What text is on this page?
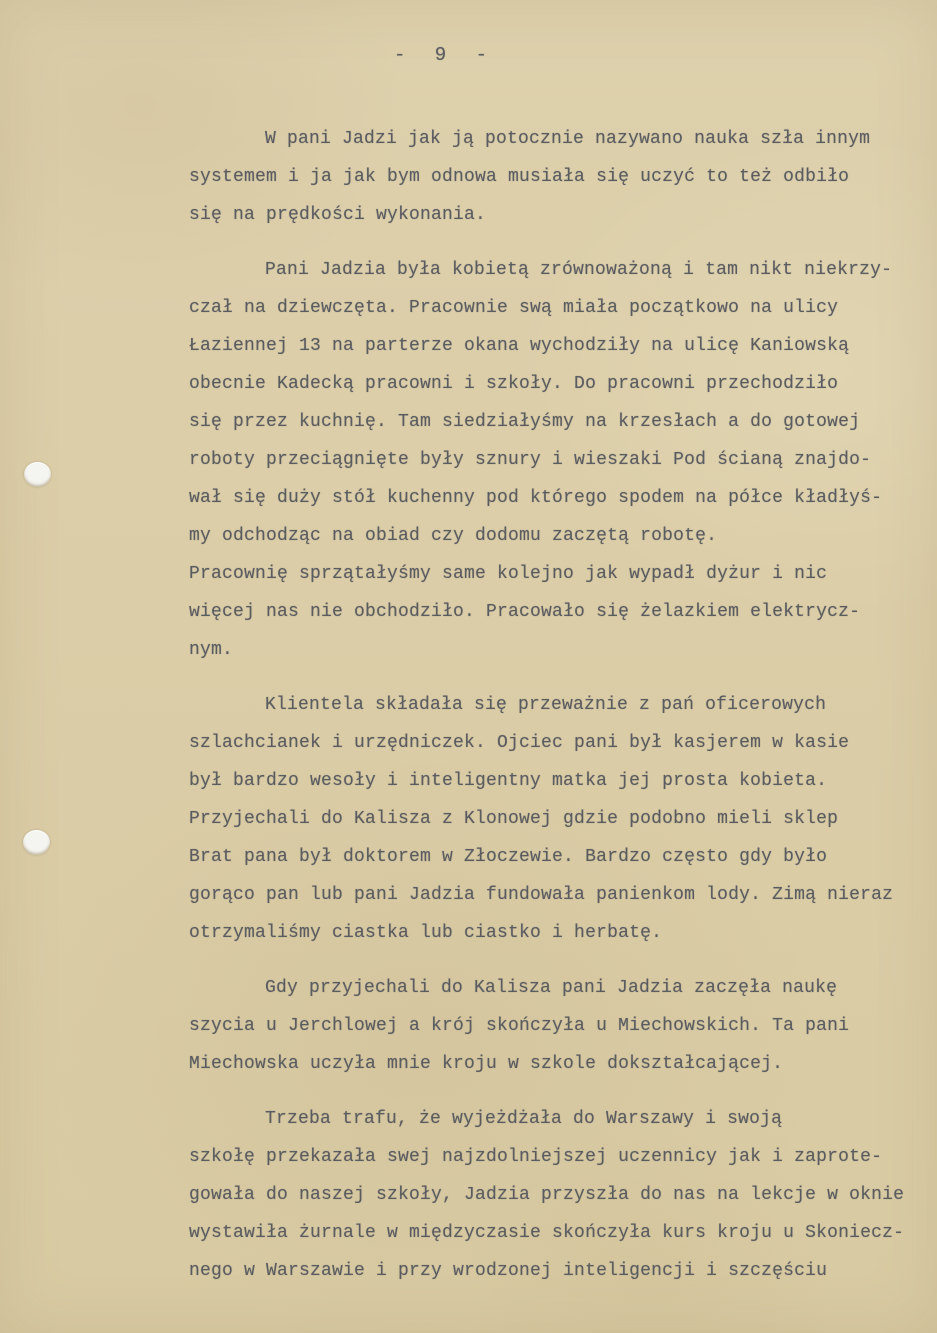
- 9 -
W pani Jadzi jak ją potocznie nazywano nauka szła innym
systemem i ja jak bym odnowa musiała się uczyć to też odbiło
się na prędkości wykonania.
Pani Jadzia była kobietą zrównoważoną i tam nikt niekrzy-
czał na dziewczęta. Pracownie swą miała początkowo na ulicy
Łaziennej 13 na parterze okana wychodziły na ulicę Kaniowską
obecnie Kadecką pracowni i szkoły. Do pracowni przechodziło
się przez kuchnię. Tam siedziałyśmy na krzesłach a do gotowej
roboty przeciągnięte były sznury i wieszaki Pod ścianą znajdo-
wał się duży stół kuchenny pod którego spodem na półce kładłyś-
my odchodząc na obiad czy dodomu zaczętą robotę.
Pracownię sprzątałyśmy same kolejno jak wypadł dyżur i nic
więcej nas nie obchodziło. Pracowało się żelazkiem elektrycz-
nym.
Klientela składała się przeważnie z pań oficerowych
szlachcianek i urzędniczek. Ojciec pani był kasjerem w kasie
był bardzo wesoły i inteligentny matka jej prosta kobieta.
Przyjechali do Kalisza z Klonowej gdzie podobno mieli sklep
Brat pana był doktorem w Złoczewie. Bardzo często gdy było
gorąco pan lub pani Jadzia fundowała panienkom lody. Zimą nieraz
otrzymaliśmy ciastka lub ciastko i herbatę.
Gdy przyjechali do Kalisza pani Jadzia zaczęła naukę
szycia u Jerchlowej a krój skończyła u Miechowskich. Ta pani
Miechowska uczyła mnie kroju w szkole dokształcającej.
Trzeba trafu, że wyjeżdżała do Warszawy i swoją
szkołę przekazała swej najzdolniejszej uczennicy jak i zaprote-
gowała do naszej szkoły, Jadzia przyszła do nas na lekcje w oknie
wystawiła żurnale w międzyczasie skończyła kurs kroju u Skoniecz-
nego w Warszawie i przy wrodzonej inteligencji i szczęściu
